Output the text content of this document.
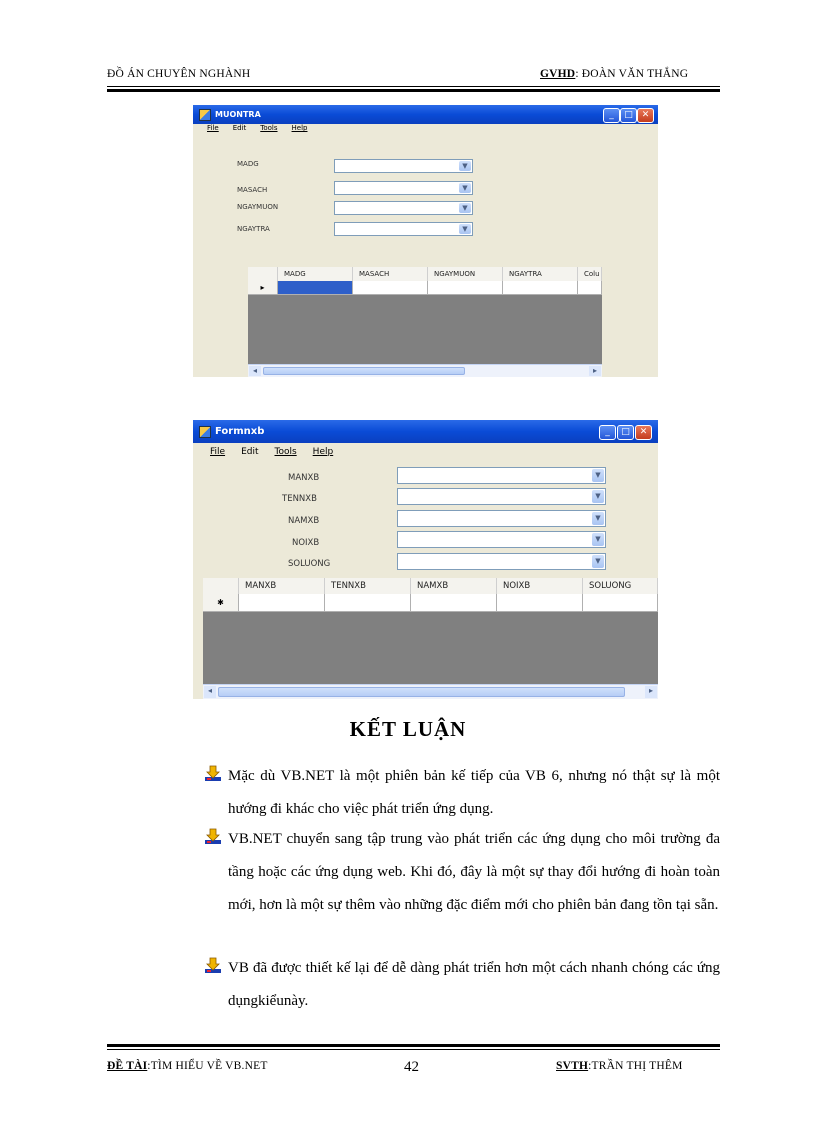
ĐỒ ÁN CHUYÊN NGHÀNH	GVHD: ĐOÀN VĂN THẮNG
MUONTRA	_	□ ✕
File Edit Tools Help
MADG	▼
MASACH	▼
NGAYMUON	▼
NGAYTRA	▼
MADG	MASACH	NGAYMUON	NGAYTRA	Colu
▸
◂	▸
Formnxb	_	□	✕
File Edit Tools Help
MANXB	▼
TENNXB	▼
NAMXB	▼
NOIXB	▼
SOLUONG	▼
MANXB	TENNXB	NAMXB	NOIXB	SOLUONG
✱
◂	▸
KẾT LUẬN
Mặc dù VB.NET là một phiên bản kế tiếp của VB 6, nhưng nó thật sự là một hướng đi khác cho việc phát triển ứng dụng.
VB.NET chuyển sang tập trung vào phát triển các ứng dụng cho môi trường đa tầng hoặc các ứng dụng web. Khi đó, đây là một sự thay đổi hướng đi hoàn toàn mới, hơn là một sự thêm vào những đặc điểm mới cho phiên bản đang tồn tại sẵn.
VB đã được thiết kế lại để dễ dàng phát triển hơn một cách nhanh chóng các ứng dụngkiểunày.
ĐỀ TÀI:TÌM HIỂU VỀ VB.NET	42	SVTH:TRẦN THỊ THÊM
